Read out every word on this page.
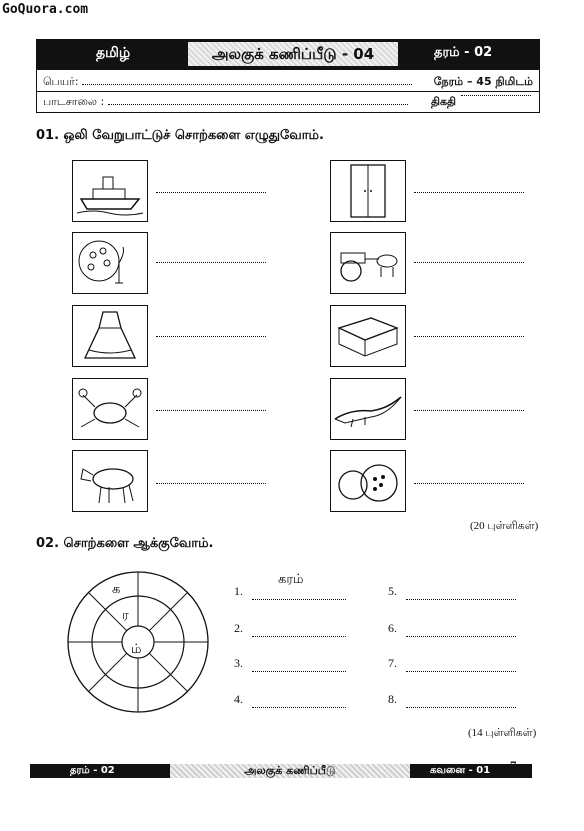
GoQuora.com
தமிழ்	அலகுக் கணிப்பீடு - 04	தரம் - 02
பெயர்:	நேரம் – 45 நிமிடம்
பாடசாலை :	திகதி
01. ஒலி வேறுபாட்டுச் சொற்களை எழுதுவோம்.
(20 புள்ளிகள்)
02. சொற்களை ஆக்குவோம்.
க
ர
ம்
1.
கரம்

2.
3.
4.
5.
6.
7.
8.
(14 புள்ளிகள்)
தரம் - 02	அலகுக் கணிப்பீடு	கவனை - 01 7
